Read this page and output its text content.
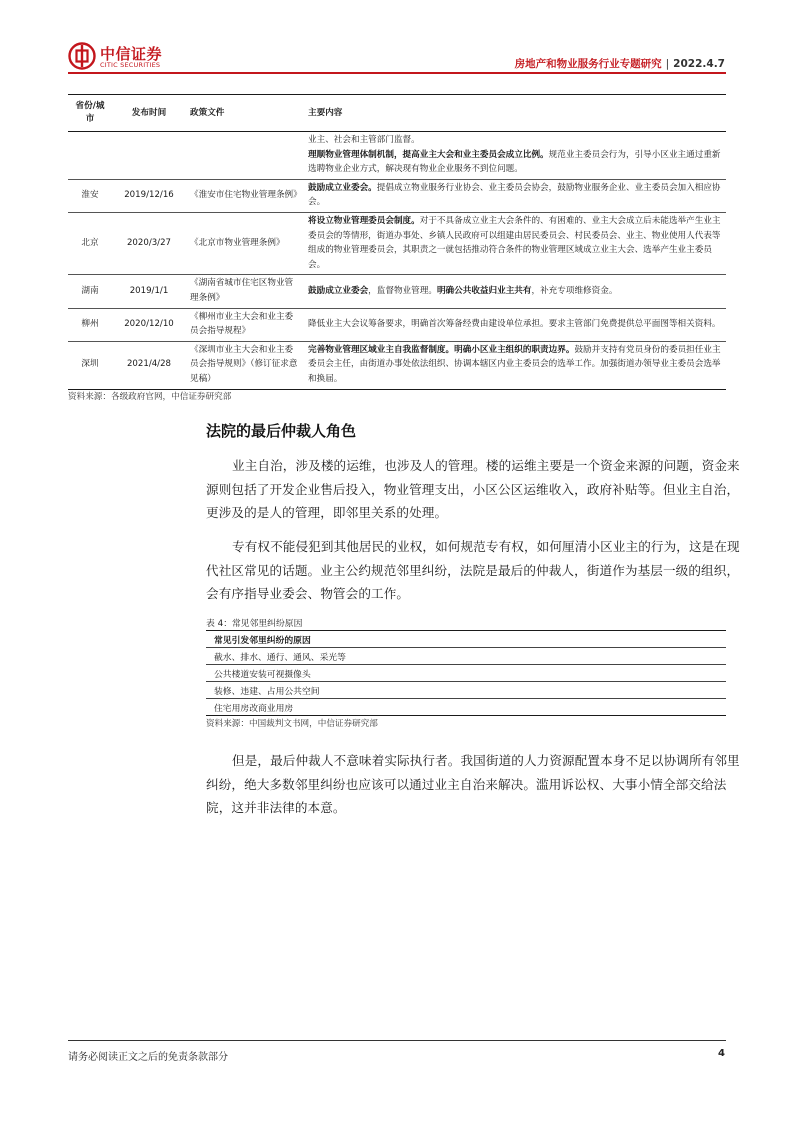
中信证券
CITIC SECURITIES	房地产和物业服务行业专题研究 | 2022.4.7
省份/城市	发布时间	政策文件	主要内容
			业主、社会和主管部门监督。
理顺物业管理体制机制，提高业主大会和业主委员会成立比例。规范业主委员会行为，引导小区业主通过重新选聘物业企业方式，解决现有物业企业服务不到位问题。
淮安	2019/12/16	《淮安市住宅物业管理条例》	鼓励成立业委会。提倡成立物业服务行业协会、业主委员会协会，鼓励物业服务企业、业主委员会加入相应协会。
北京	2020/3/27	《北京市物业管理条例》	将设立物业管理委员会制度。对于不具备成立业主大会条件的、有困难的、业主大会成立后未能选举产生业主委员会的等情形，街道办事处、乡镇人民政府可以组建由居民委员会、村民委员会、业主、物业使用人代表等组成的物业管理委员会，其职责之一就包括推动符合条件的物业管理区域成立业主大会、选举产生业主委员会。
湖南	2019/1/1	《湖南省城市住宅区物业管理条例》	鼓励成立业委会，监督物业管理。明确公共收益归业主共有，补充专项维修资金。
柳州	2020/12/10	《柳州市业主大会和业主委员会指导规程》	降低业主大会议筹备要求，明确首次筹备经费由建设单位承担。要求主管部门免费提供总平面图等相关资料。
深圳	2021/4/28	《深圳市业主大会和业主委员会指导规则》（修订征求意见稿）	完善物业管理区域业主自我监督制度。明确小区业主组织的职责边界。鼓励并支持有党员身份的委员担任业主委员会主任，由街道办事处依法组织、协调本辖区内业主委员会的选举工作。加强街道办领导业主委员会选举和换届。
资料来源：各级政府官网，中信证券研究部
法院的最后仲裁人角色

业主自治，涉及楼的运维，也涉及人的管理。楼的运维主要是一个资金来源的问题，资金来源则包括了开发企业售后投入，物业管理支出，小区公区运维收入，政府补贴等。但业主自治，更涉及的是人的管理，即邻里关系的处理。

专有权不能侵犯到其他居民的业权，如何规范专有权，如何厘清小区业主的行为，这是在现代社区常见的话题。业主公约规范邻里纠纷，法院是最后的仲裁人，街道作为基层一级的组织，会有序指导业委会、物管会的工作。

表 4：常见邻里纠纷原因
常见引发邻里纠纷的原因
截水、排水、通行、通风、采光等
公共楼道安装可视摄像头
装修、违建、占用公共空间
住宅用房改商业用房
资料来源：中国裁判文书网，中信证券研究部

但是，最后仲裁人不意味着实际执行者。我国街道的人力资源配置本身不足以协调所有邻里纠纷，绝大多数邻里纠纷也应该可以通过业主自治来解决。滥用诉讼权、大事小情全部交给法院，这并非法律的本意。

请务必阅读正文之后的免责条款部分	4
